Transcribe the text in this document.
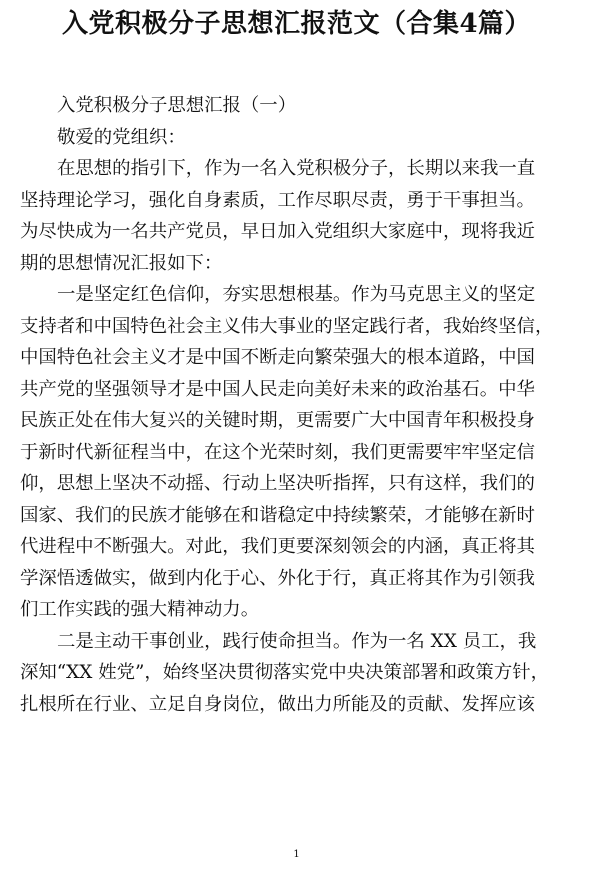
入党积极分子思想汇报范文（合集4篇）
入党积极分子思想汇报（一）
敬爱的党组织：
在思想的指引下，作为一名入党积极分子，长期以来我一直
坚持理论学习，强化自身素质，工作尽职尽责，勇于干事担当。
为尽快成为一名共产党员，早日加入党组织大家庭中，现将我近
期的思想情况汇报如下：
一是坚定红色信仰，夯实思想根基。作为马克思主义的坚定
支持者和中国特色社会主义伟大事业的坚定践行者，我始终坚信，
中国特色社会主义才是中国不断走向繁荣强大的根本道路，中国
共产党的坚强领导才是中国人民走向美好未来的政治基石。中华
民族正处在伟大复兴的关键时期，更需要广大中国青年积极投身
于新时代新征程当中，在这个光荣时刻，我们更需要牢牢坚定信
仰，思想上坚决不动摇、行动上坚决听指挥，只有这样，我们的
国家、我们的民族才能够在和谐稳定中持续繁荣，才能够在新时
代进程中不断强大。对此，我们更要深刻领会的内涵，真正将其
学深悟透做实，做到内化于心、外化于行，真正将其作为引领我
们工作实践的强大精神动力。
二是主动干事创业，践行使命担当。作为一名 XX 员工，我
深知“XX 姓党”，始终坚决贯彻落实党中央决策部署和政策方针，
扎根所在行业、立足自身岗位，做出力所能及的贡献、发挥应该
1
